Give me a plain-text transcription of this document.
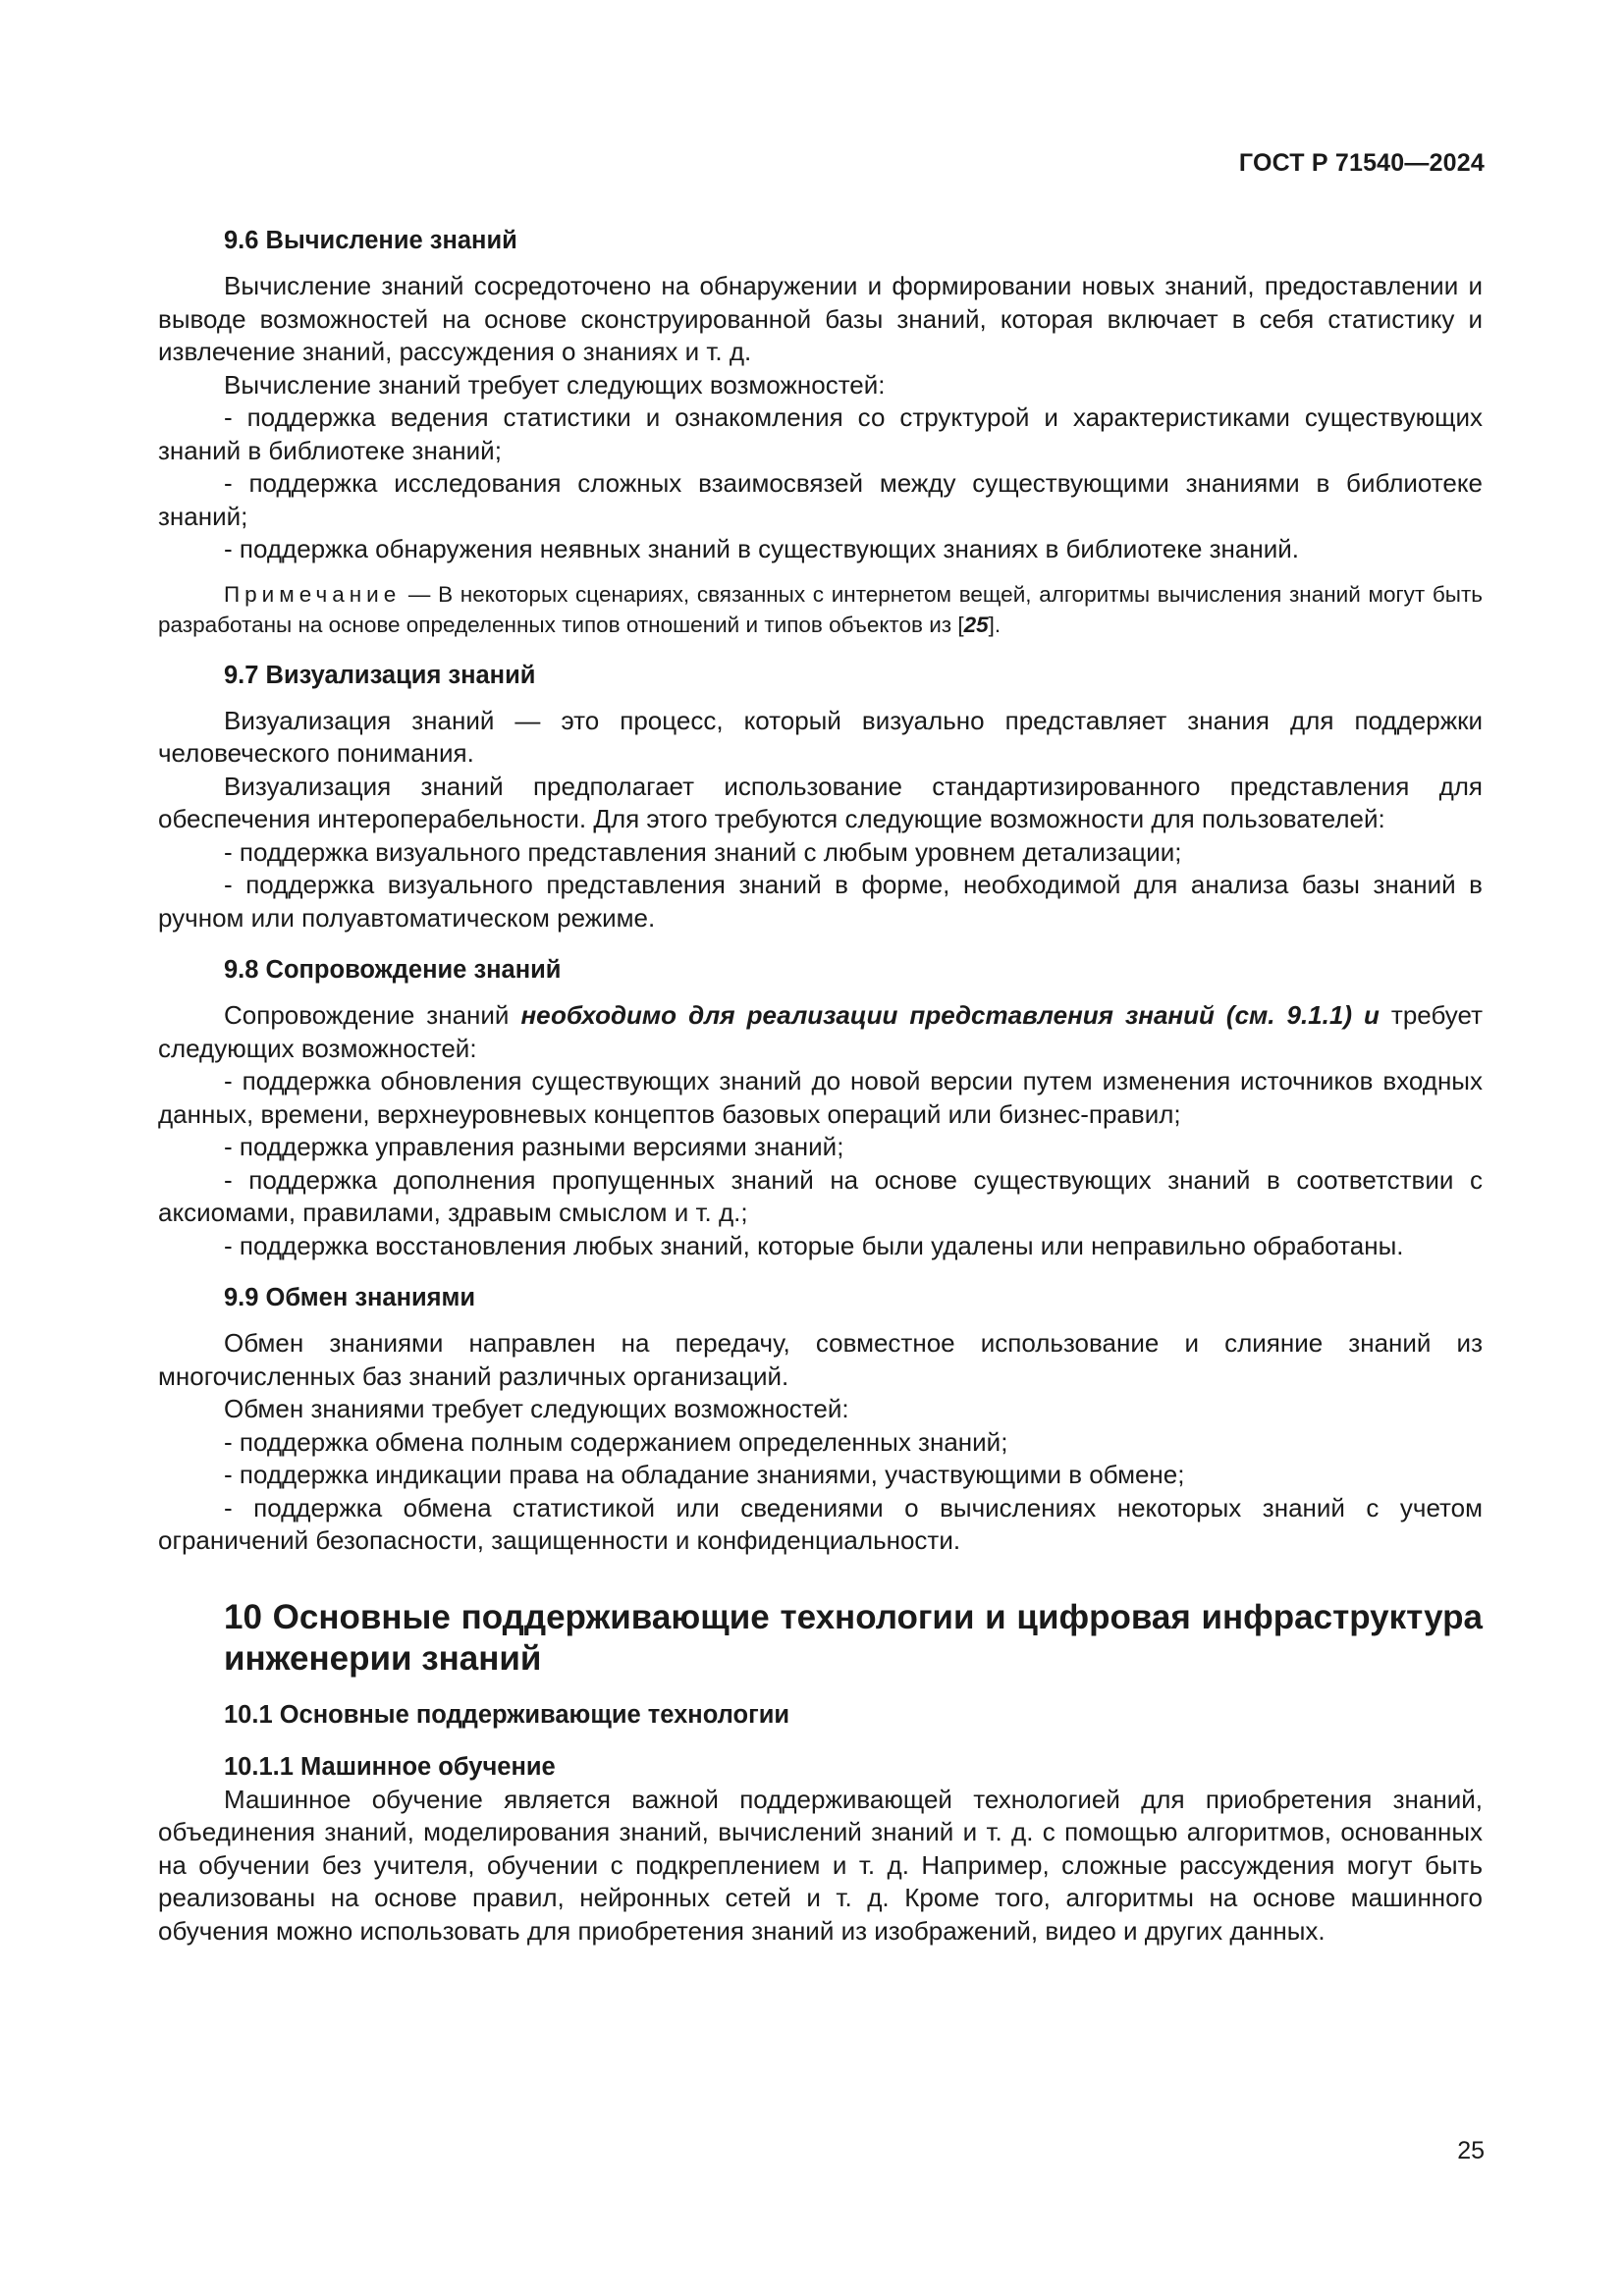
ГОСТ Р 71540—2024

9.6 Вычисление знаний

Вычисление знаний сосредоточено на обнаружении и формировании новых знаний, предоставлении и выводе возможностей на основе сконструированной базы знаний, которая включает в себя статистику и извлечение знаний, рассуждения о знаниях и т. д.

Вычисление знаний требует следующих возможностей:

- поддержка ведения статистики и ознакомления со структурой и характеристиками существующих знаний в библиотеке знаний;

- поддержка исследования сложных взаимосвязей между существующими знаниями в библиотеке знаний;

- поддержка обнаружения неявных знаний в существующих знаниях в библиотеке знаний.

Примечание — В некоторых сценариях, связанных с интернетом вещей, алгоритмы вычисления знаний могут быть разработаны на основе определенных типов отношений и типов объектов из [25].

9.7 Визуализация знаний

Визуализация знаний — это процесс, который визуально представляет знания для поддержки человеческого понимания.

Визуализация знаний предполагает использование стандартизированного представления для обеспечения интероперабельности. Для этого требуются следующие возможности для пользователей:

- поддержка визуального представления знаний с любым уровнем детализации;

- поддержка визуального представления знаний в форме, необходимой для анализа базы знаний в ручном или полуавтоматическом режиме.

9.8 Сопровождение знаний

Сопровождение знаний необходимо для реализации представления знаний (см. 9.1.1) и требует следующих возможностей:

- поддержка обновления существующих знаний до новой версии путем изменения источников входных данных, времени, верхнеуровневых концептов базовых операций или бизнес-правил;

- поддержка управления разными версиями знаний;

- поддержка дополнения пропущенных знаний на основе существующих знаний в соответствии с аксиомами, правилами, здравым смыслом и т. д.;

- поддержка восстановления любых знаний, которые были удалены или неправильно обработаны.

9.9 Обмен знаниями

Обмен знаниями направлен на передачу, совместное использование и слияние знаний из многочисленных баз знаний различных организаций.

Обмен знаниями требует следующих возможностей:

- поддержка обмена полным содержанием определенных знаний;

- поддержка индикации права на обладание знаниями, участвующими в обмене;

- поддержка обмена статистикой или сведениями о вычислениях некоторых знаний с учетом ограничений безопасности, защищенности и конфиденциальности.

10 Основные поддерживающие технологии и цифровая инфраструктура инженерии знаний

10.1 Основные поддерживающие технологии

10.1.1 Машинное обучение

Машинное обучение является важной поддерживающей технологией для приобретения знаний, объединения знаний, моделирования знаний, вычислений знаний и т. д. с помощью алгоритмов, основанных на обучении без учителя, обучении с подкреплением и т. д. Например, сложные рассуждения могут быть реализованы на основе правил, нейронных сетей и т. д. Кроме того, алгоритмы на основе машинного обучения можно использовать для приобретения знаний из изображений, видео и других данных.

25
